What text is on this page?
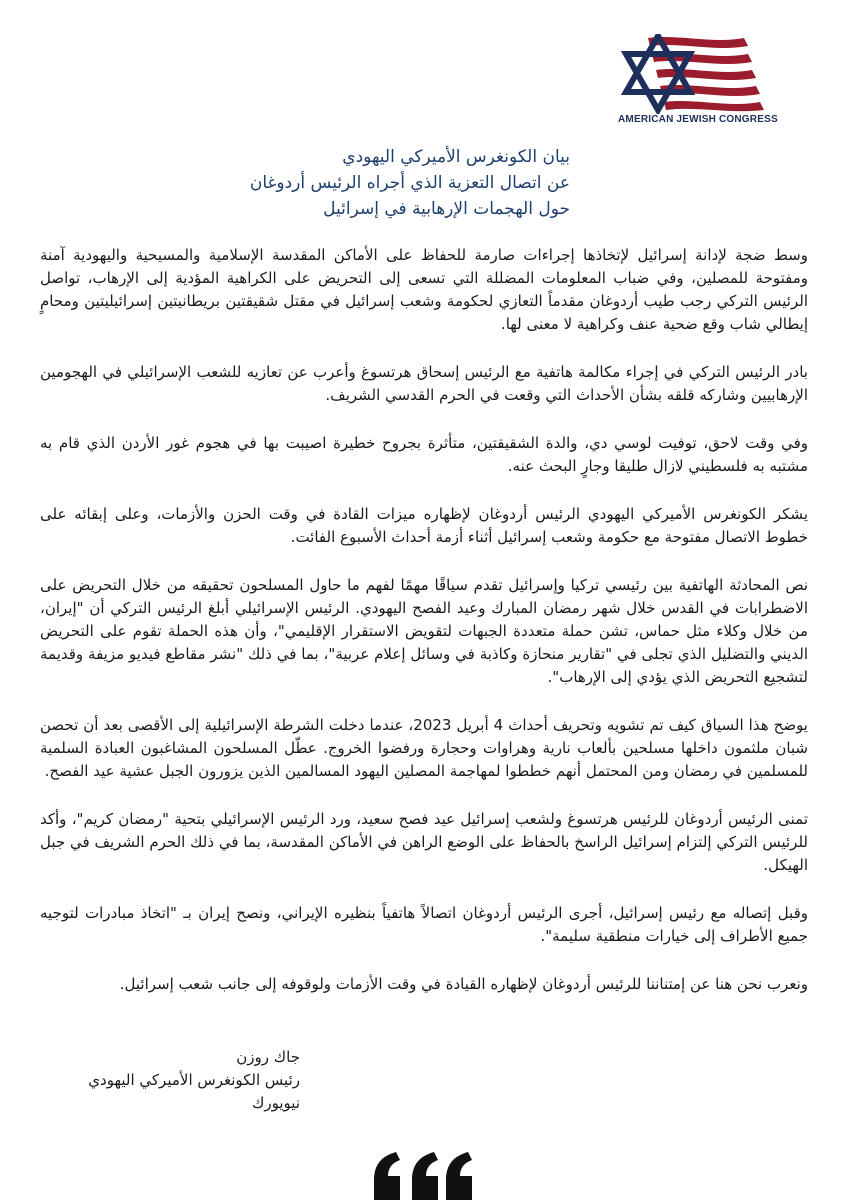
AMERICAN JEWISH CONGRESS
بيان الكونغرس الأميركي اليهودي
عن اتصال التعزية الذي أجراه الرئيس أردوغان
حول الهجمات الإرهابية في إسرائيل

وسط ضجة لإدانة إسرائيل لإتخاذها إجراءات صارمة للحفاظ على الأماكن المقدسة الإسلامية والمسيحية واليهودية آمنة ومفتوحة للمصلين، وفي ضباب المعلومات المضللة التي تسعى إلى التحريض على الكراهية المؤدية إلى الإرهاب، تواصل الرئيس التركي رجب طيب أردوغان مقدماً التعازي لحكومة وشعب إسرائيل في مقتل شقيقتين بريطانيتين إسرائيليتين ومحامٍ إيطالي شاب وقع ضحية عنف وكراهية لا معنى لها.

بادر الرئيس التركي في إجراء مكالمة هاتفية مع الرئيس إسحاق هرتسوغ وأعرب عن تعازيه للشعب الإسرائيلي في الهجومين الإرهابيين وشاركه قلقه بشأن الأحداث التي وقعت في الحرم القدسي الشريف.

وفي وقت لاحق، توفيت لوسي دي، والدة الشقيقتين، متأثرة بجروح خطيرة اصيبت بها في هجوم غور الأردن الذي قام به مشتبه به فلسطيني لازال طليقا وجارٍ البحث عنه.

يشكر الكونغرس الأميركي اليهودي الرئيس أردوغان لإظهاره ميزات القادة في وقت الحزن والأزمات، وعلى إبقائه على خطوط الاتصال مفتوحة مع حكومة وشعب إسرائيل أثناء أزمة أحداث الأسبوع الفائت.

نص المحادثة الهاتفية بين رئيسي تركيا وإسرائيل تقدم سياقًا مهمًا لفهم ما حاول المسلحون تحقيقه من خلال التحريض على الاضطرابات في القدس خلال شهر رمضان المبارك وعيد الفصح اليهودي. الرئيس الإسرائيلي أبلغ الرئيس التركي أن "إيران، من خلال وكلاء مثل حماس، تشن حملة متعددة الجبهات لتقويض الاستقرار الإقليمي"، وأن هذه الحملة تقوم على التحريض الديني والتضليل الذي تجلى في "تقارير منحازة وكاذبة في وسائل إعلام عربية"، بما في ذلك "نشر مقاطع فيديو مزيفة وقديمة لتشجيع التحريض الذي يؤدي إلى الإرهاب".

يوضح هذا السياق كيف تم تشويه وتحريف أحداث 4 أبريل 2023، عندما دخلت الشرطة الإسرائيلية إلى الأقصى بعد أن تحصن شبان ملثمون داخلها مسلحين بألعاب نارية وهراوات وحجارة ورفضوا الخروج. عطّل المسلحون المشاغبون العبادة السلمية للمسلمين في رمضان ومن المحتمل أنهم خططوا لمهاجمة المصلين اليهود المسالمين الذين يزورون الجبل عشية عيد الفصح.

تمنى الرئيس أردوغان للرئيس هرتسوغ ولشعب إسرائيل عيد فصح سعيد، ورد الرئيس الإسرائيلي بتحية "رمضان كريم"، وأكد للرئيس التركي إلتزام إسرائيل الراسخ بالحفاظ على الوضع الراهن في الأماكن المقدسة، بما في ذلك الحرم الشريف في جبل الهيكل.

وقبل إتصاله مع رئيس إسرائيل، أجرى الرئيس أردوغان اتصالاً هاتفياً بنظيره الإيراني، ونصح إيران بـ "اتخاذ مبادرات لتوجيه جميع الأطراف إلى خيارات منطقية سليمة".

ونعرب نحن هنا عن إمتناننا للرئيس أردوغان لإظهاره القيادة في وقت الأزمات ولوقوفه إلى جانب شعب إسرائيل.

جاك روزن
رئيس الكونغرس الأميركي اليهودي
نيويورك
